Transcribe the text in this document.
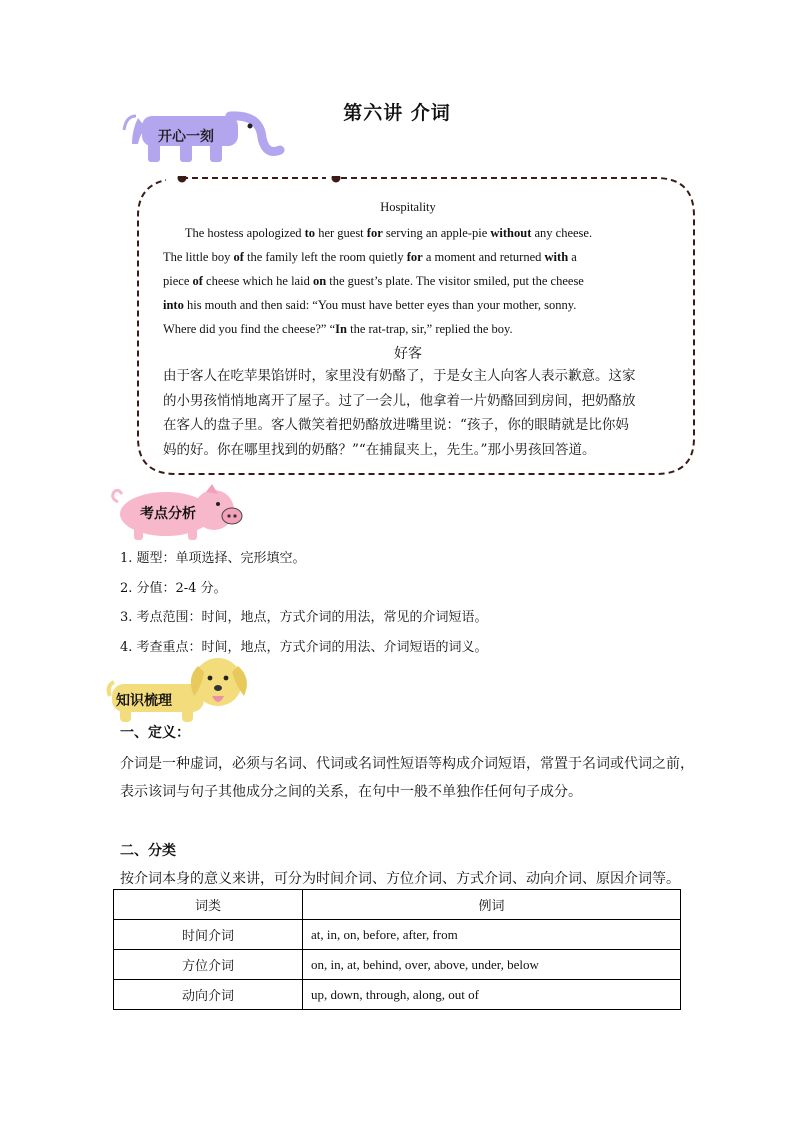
第六讲 介词
开心一刻
Hospitality

The hostess apologized to her guest for serving an apple-pie without any cheese.

The little boy of the family left the room quietly for a moment and returned with a

piece of cheese which he laid on the guest’s plate. The visitor smiled, put the cheese

into his mouth and then said: “You must have better eyes than your mother, sonny.

Where did you find the cheese?” “In the rat-trap, sir,” replied the boy.

好客

由于客人在吃苹果馅饼时，家里没有奶酪了，于是女主人向客人表示歉意。这家

的小男孩悄悄地离开了屋子。过了一会儿，他拿着一片奶酪回到房间，把奶酪放

在客人的盘子里。客人微笑着把奶酪放进嘴里说：“孩子，你的眼睛就是比你妈

妈的好。你在哪里找到的奶酪？”“在捕鼠夹上，先生。”那小男孩回答道。

考点分析

1. 题型：单项选择、完形填空。

2. 分值：2-4 分。

3. 考点范围：时间，地点，方式介词的用法，常见的介词短语。

4. 考查重点：时间，地点，方式介词的用法、介词短语的词义。

知识梳理
一、定义：

介词是一种虚词，必须与名词、代词或名词性短语等构成介词短语，常置于名词或代词之前，

表示该词与句子其他成分之间的关系，在句中一般不单独作任何句子成分。

二、分类
按介词本身的意义来讲，可分为时间介词、方位介词、方式介词、动向介词、原因介词等。
词类	例词
时间介词	at, in, on, before, after, from
方位介词	on, in, at, behind, over, above, under, below
动向介词	up, down, through, along, out of
